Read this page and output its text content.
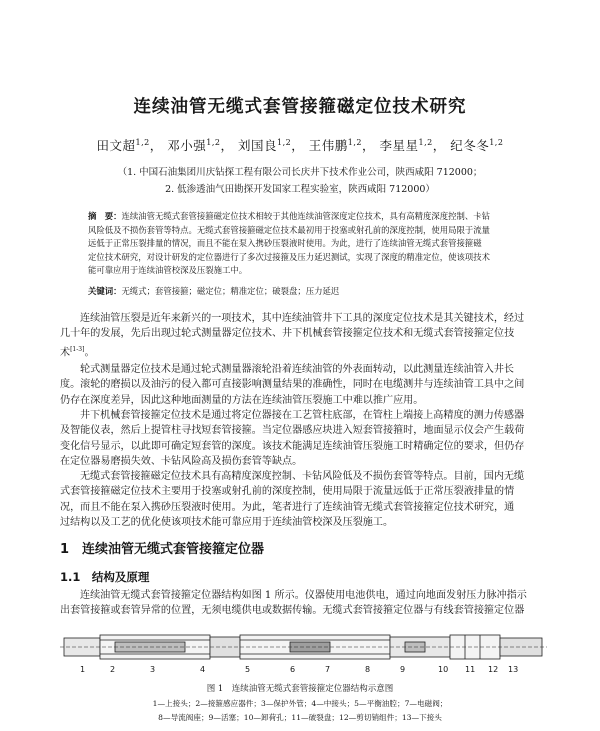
连续油管无缆式套管接箍磁定位技术研究
田文超$^{1,2}$， 邓小强$^{1,2}$， 刘国良$^{1,2}$， 王伟鹏$^{1,2}$， 李星星$^{1,2}$， 纪冬冬$^{1,2}$
（1. 中国石油集团川庆钻探工程有限公司长庆井下技术作业公司，陕西咸阳 712000；
2. 低渗透油气田勘探开发国家工程实验室，陕西咸阳 712000）
摘　要：连续油管无缆式套管接箍磁定位技术相较于其他连续油管深度定位技术，具有高精度深度控制、卡钻
风险低及不损伤套管等特点。无缆式套管接箍磁定位技术最初用于投塞或射孔前的深度控制，使用局限于流量
远低于正常压裂排量的情况，而且不能在泵入携砂压裂液时使用。为此，进行了连续油管无缆式套管接箍磁
定位技术研究，对设计研发的定位器进行了多次过接箍及压力延迟测试，实现了深度的精准定位，使该项技术
能可靠应用于连续油管校深及压裂施工中。
关键词：无缆式；套管接箍；磁定位；精准定位；破裂盘；压力延迟
连续油管压裂是近年来新兴的一项技术，其中连续油管井下工具的深度定位技术是其关键技术，经过
几十年的发展，先后出现过轮式测量器定位技术、井下机械套管接箍定位技术和无缆式套管接箍定位技
术[1-3]。
轮式测量器定位技术是通过轮式测量器滚轮沿着连续油管的外表面转动，以此测量连续油管入井长
度。滚轮的磨损以及油污的侵入都可直接影响测量结果的准确性，同时在电缆测井与连续油管工具中之间
仍存在深度差异，因此这种地面测量的方法在连续油管压裂施工中难以推广应用。
井下机械套管接箍定位技术是通过将定位器接在工艺管柱底部，在管柱上端接上高精度的测力传感器
及智能仪表，然后上提管柱寻找短套管接箍。当定位器感应块进入短套管接箍时，地面显示仪会产生载荷
变化信号显示，以此即可确定短套管的深度。该技术能满足连续油管压裂施工时精确定位的要求，但仍存
在定位器易磨损失效、卡钻风险高及损伤套管等缺点。
无缆式套管接箍磁定位技术具有高精度深度控制、卡钻风险低及不损伤套管等特点。目前，国内无缆
式套管接箍磁定位技术主要用于投塞或射孔前的深度控制，使用局限于流量远低于正常压裂液排量的情
况，而且不能在泵入携砂压裂液时使用。为此，笔者进行了连续油管无缆式套管接箍定位技术研究，通
过结构以及工艺的优化使该项技术能可靠应用于连续油管校深及压裂施工。
1　连续油管无缆式套管接箍定位器
1.1　结构及原理
连续油管无缆式套管接箍定位器结构如图 1 所示。仪器使用电池供电，通过向地面发射压力脉冲指示
出套管接箍或套管异常的位置，无须电缆供电或数据传输。无缆式套管接箍定位器与有线套管接箍定位器
1	2	3	4	5	6	7	8	9	10 11 12 13
图 1　连续油管无缆式套管接箍定位器结构示意图
1—上接头；2—接箍感应器件；3—保护外管；4—中接头；5—平衡油腔；7—电磁阀；
8—导流阀座；9—活塞；10—卸荷孔；11—破裂盘；12—剪切销组件；13—下接头
